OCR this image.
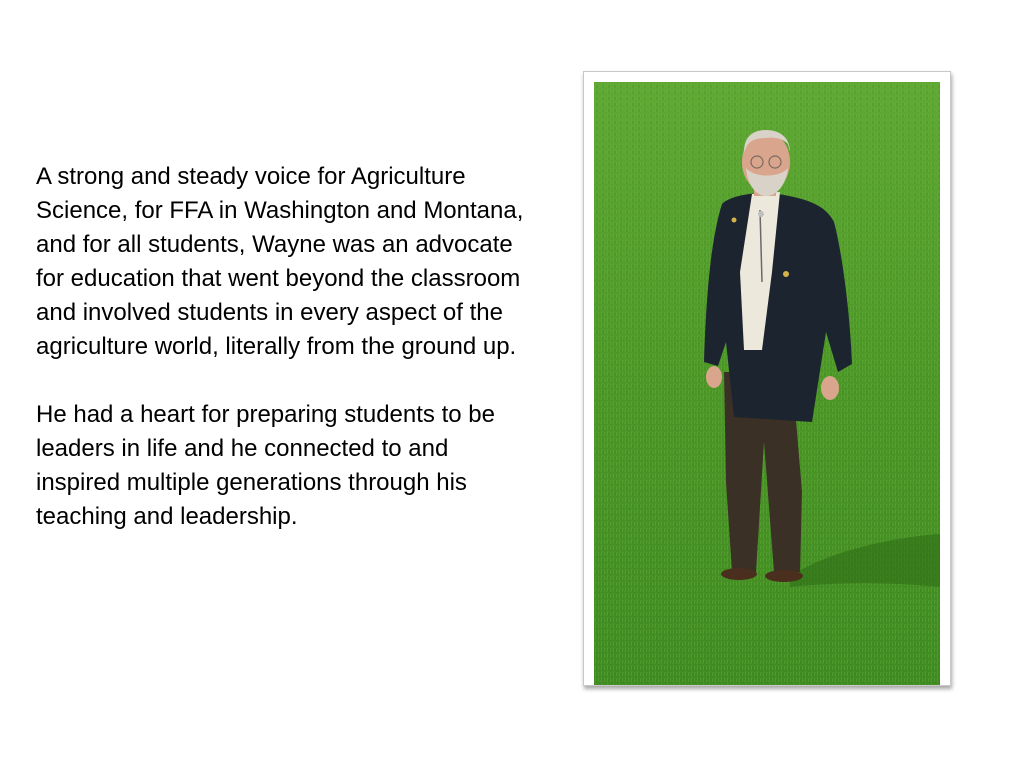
A strong and steady voice for Agriculture Science, for FFA in Washington and Montana, and for all students, Wayne was an advocate for education that went beyond the classroom and involved students in every aspect of the agriculture world, literally from the ground up.

He had a heart for preparing students to be leaders in life and he connected to and inspired multiple generations through his teaching and leadership.
